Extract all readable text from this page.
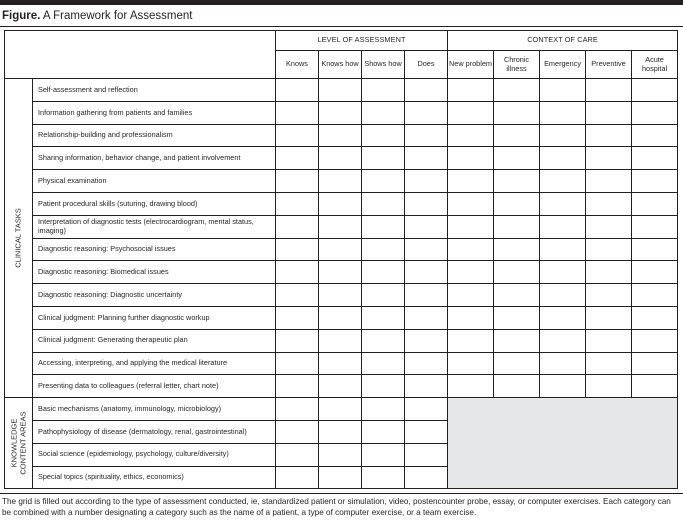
Figure. A Framework for Assessment
		LEVEL OF ASSESSMENT				CONTEXT OF CARE				
		Knows	Knows how	Shows how	Does	New problem	Chronic illness	Emergency	Preventive	Acute hospital

CLINICAL TASKS	Self-assessment and reflection									
	Information gathering from patients and families									
	Relationship-building and professionalism									
	Sharing information, behavior change, and patient involvement									
	Physical examination									
	Patient procedural skills (suturing, drawing blood)									
	Interpretation of diagnostic tests (electrocardiogram, mental status, imaging)									
	Diagnostic reasoning: Psychosocial issues									
	Diagnostic reasoning: Biomedical issues									
	Diagnostic reasoning: Diagnostic uncertainty									
	Clinical judgment: Planning further diagnostic workup									
	Clinical judgment: Generating therapeutic plan									
	Accessing, interpreting, and applying the medical literature									
	Presenting data to colleagues (referral letter, chart note)									

KNOWLEDGE CONTENT AREAS	Basic mechanisms (anatomy, immunology, microbiology)									
	Pathophysiology of disease (dermatology, renal, gastrointestinal)									
	Social science (epidemiology, psychology, culture/diversity)									
	Special topics (spirituality, ethics, economics)									
The grid is filled out according to the type of assessment conducted, ie, standardized patient or simulation, video, postencounter probe, essay, or computer exercises. Each category can be combined with a number designating a category such as the name of a patient, a type of computer exercise, or a team exercise.
